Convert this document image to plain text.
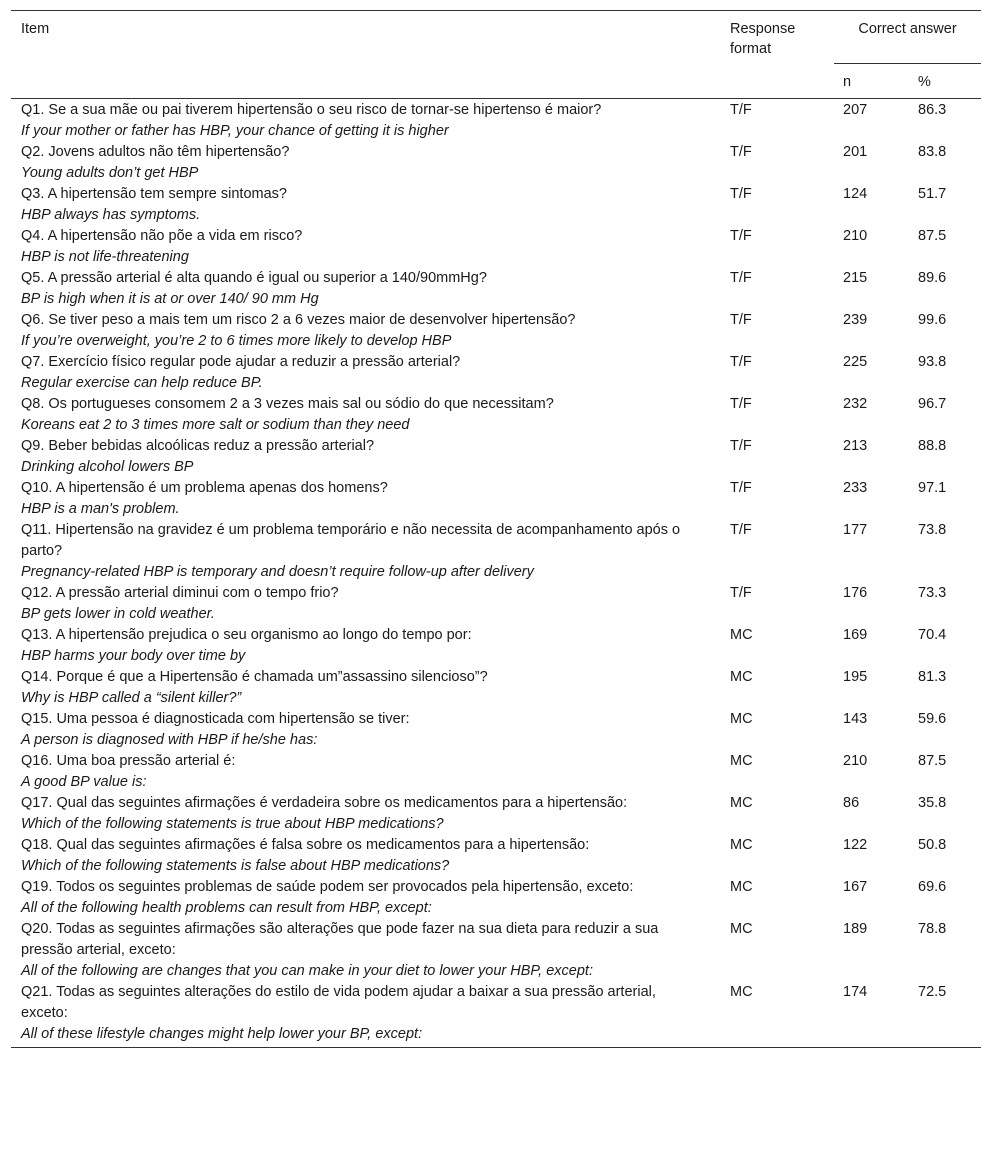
Item	Response format	Correct answer	
		n	%

Q1. Se a sua mãe ou pai tiverem hipertensão o seu risco de tornar-se hipertenso é maior?
If your mother or father has HBP, your chance of getting it is higher	T/F	207	86.3

Q2. Jovens adultos não têm hipertensão?
Young adults don’t get HBP	T/F	201	83.8

Q3. A hipertensão tem sempre sintomas?
HBP always has symptoms.	T/F	124	51.7

Q4. A hipertensão não põe a vida em risco?
HBP is not life-threatening	T/F	210	87.5

Q5. A pressão arterial é alta quando é igual ou superior a 140/90mmHg?
BP is high when it is at or over 140/ 90 mm Hg	T/F	215	89.6

Q6. Se tiver peso a mais tem um risco 2 a 6 vezes maior de desenvolver hipertensão?
If you’re overweight, you’re 2 to 6 times more likely to develop HBP	T/F	239	99.6

Q7. Exercício físico regular pode ajudar a reduzir a pressão arterial?
Regular exercise can help reduce BP.	T/F	225	93.8

Q8. Os portugueses consomem 2 a 3 vezes mais sal ou sódio do que necessitam?
Koreans eat 2 to 3 times more salt or sodium than they need	T/F	232	96.7

Q9. Beber bebidas alcoólicas reduz a pressão arterial?
Drinking alcohol lowers BP	T/F	213	88.8

Q10. A hipertensão é um problema apenas dos homens?
HBP is a man's problem.	T/F	233	97.1

Q11. Hipertensão na gravidez é um problema temporário e não necessita de acompanhamento após o parto?
Pregnancy-related HBP is temporary and doesn’t require follow-up after delivery	T/F	177	73.8

Q12. A pressão arterial diminui com o tempo frio?
BP gets lower in cold weather.	T/F	176	73.3

Q13. A hipertensão prejudica o seu organismo ao longo do tempo por:
HBP harms your body over time by	MC	169	70.4

Q14. Porque é que a Hipertensão é chamada um”assassino silencioso”?
Why is HBP called a “silent killer?”	MC	195	81.3

Q15. Uma pessoa é diagnosticada com hipertensão se tiver:
A person is diagnosed with HBP if he/she has:	MC	143	59.6

Q16. Uma boa pressão arterial é:
A good BP value is:	MC	210	87.5

Q17. Qual das seguintes afirmações é verdadeira sobre os medicamentos para a hipertensão:
Which of the following statements is true about HBP medications?	MC	86	35.8

Q18. Qual das seguintes afirmações é falsa sobre os medicamentos para a hipertensão:
Which of the following statements is false about HBP medications?	MC	122	50.8

Q19. Todos os seguintes problemas de saúde podem ser provocados pela hipertensão, exceto:
All of the following health problems can result from HBP, except:	MC	167	69.6

Q20. Todas as seguintes afirmações são alterações que pode fazer na sua dieta para reduzir a sua pressão arterial, exceto:
All of the following are changes that you can make in your diet to lower your HBP, except:	MC	189	78.8

Q21. Todas as seguintes alterações do estilo de vida podem ajudar a baixar a sua pressão arterial, exceto:
All of these lifestyle changes might help lower your BP, except:	MC	174	72.5
